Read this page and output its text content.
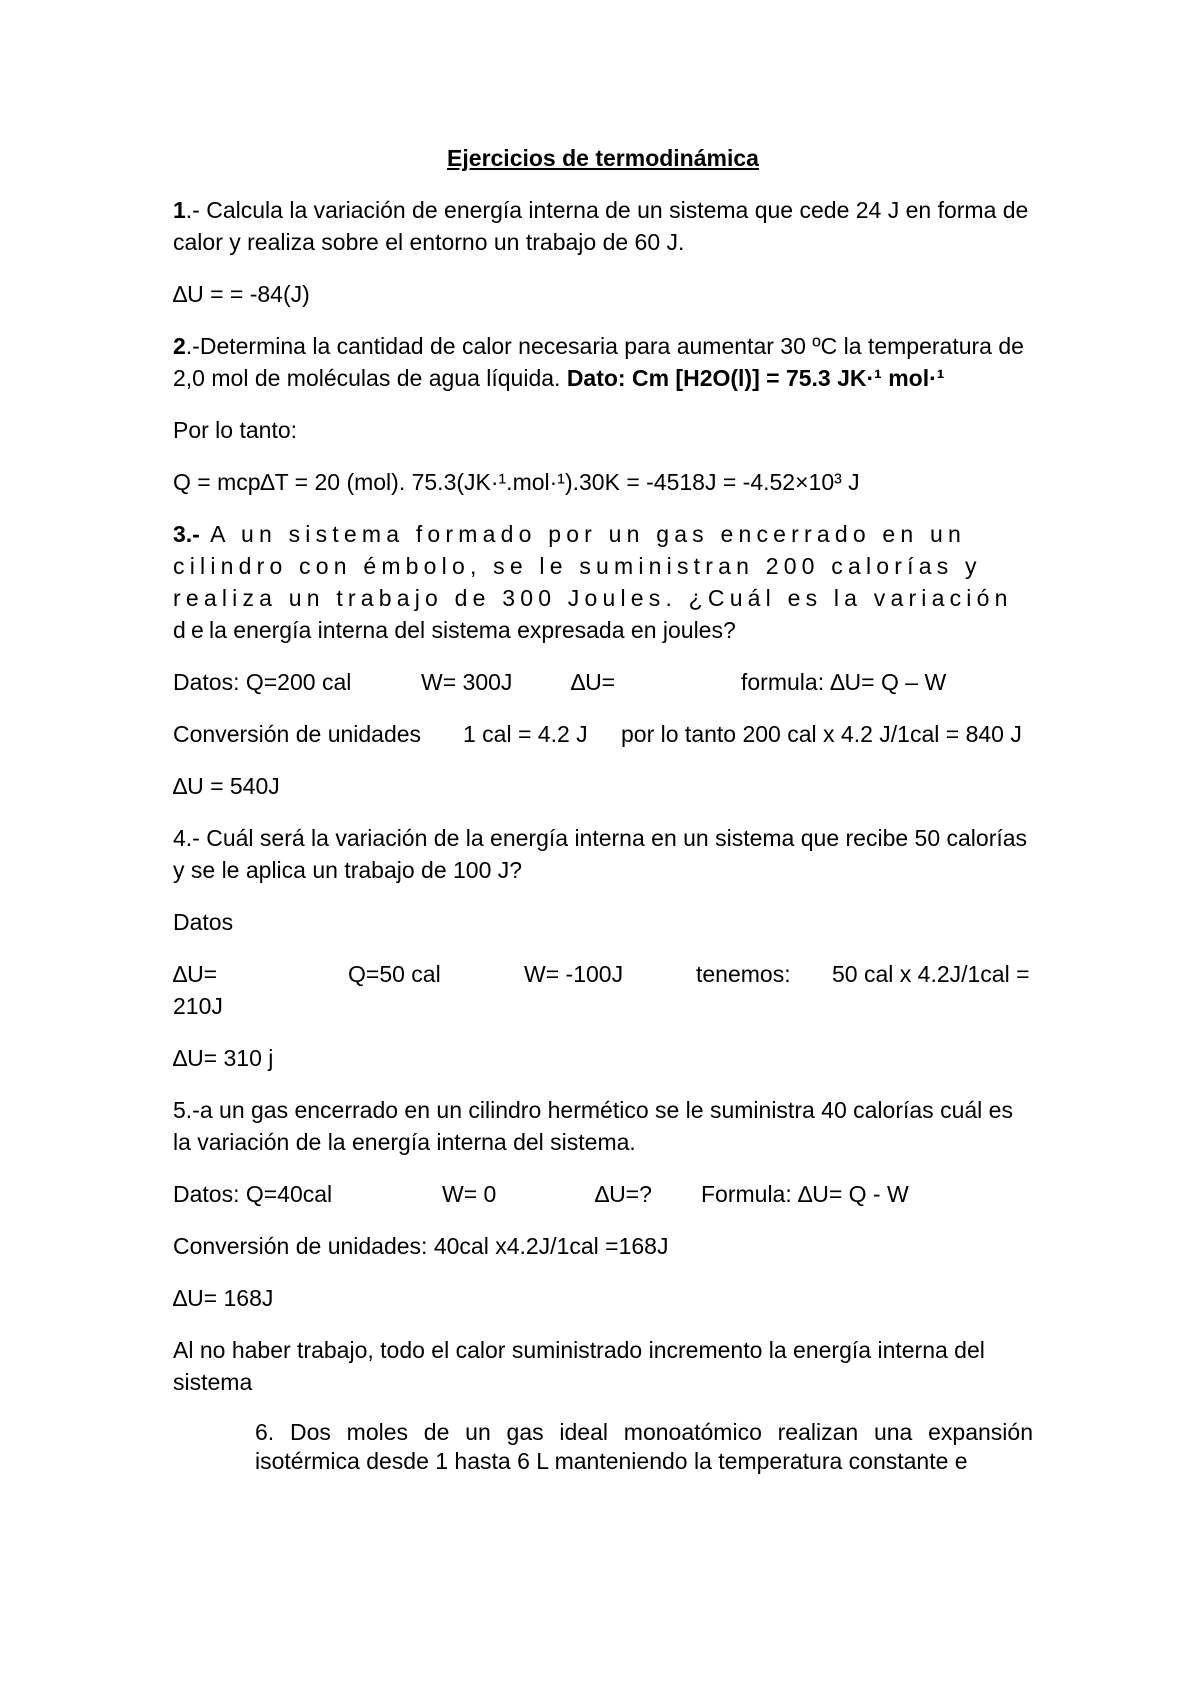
Ejercicios de termodinámica

1.- Calcula la variación de energía interna de un sistema que cede 24 J en forma de calor y realiza sobre el entorno un trabajo de 60 J.

∆U = = -84(J)

2.-Determina la cantidad de calor necesaria para aumentar 30 ºC la temperatura de 2,0 mol de moléculas de agua líquida. Dato: Cm [H2O(l)] = 75.3 JK·¹ mol·¹

Por lo tanto:

Q = mcp∆T = 20 (mol). 75.3(JK·¹.mol·¹).30K = -4518J = -4.52×10³ J

3.- A un sistema formado por un gas encerrado en un cilindro con émbolo, se le suministran 200 calorías y realiza un trabajo de 300 Joules. ¿Cuál es la variación dela energía interna del sistema expresada en joules?

Datos: Q=200 cal	W= 300J	∆U=	formula: ∆U= Q – W

Conversión de unidades 1 cal = 4.2 J por lo tanto 200 cal x 4.2 J/1cal = 840 J

∆U = 540J

4.- Cuál será la variación de la energía interna en un sistema que recibe 50 calorías y se le aplica un trabajo de 100 J?

Datos

∆U=	Q=50 cal	W= -100J	tenemos: 50 cal x 4.2J/1cal = 210J

∆U= 310 j

5.-a un gas encerrado en un cilindro hermético se le suministra 40 calorías cuál es la variación de la energía interna del sistema.

Datos: Q=40cal	W= 0	∆U=? Formula: ∆U= Q - W

Conversión de unidades: 40cal x4.2J/1cal =168J

∆U= 168J

Al no haber trabajo, todo el calor suministrado incremento la energía interna del sistema

6. Dos moles de un gas ideal monoatómico realizan una expansión isotérmica desde 1 hasta 6 L manteniendo la temperatura constante e
